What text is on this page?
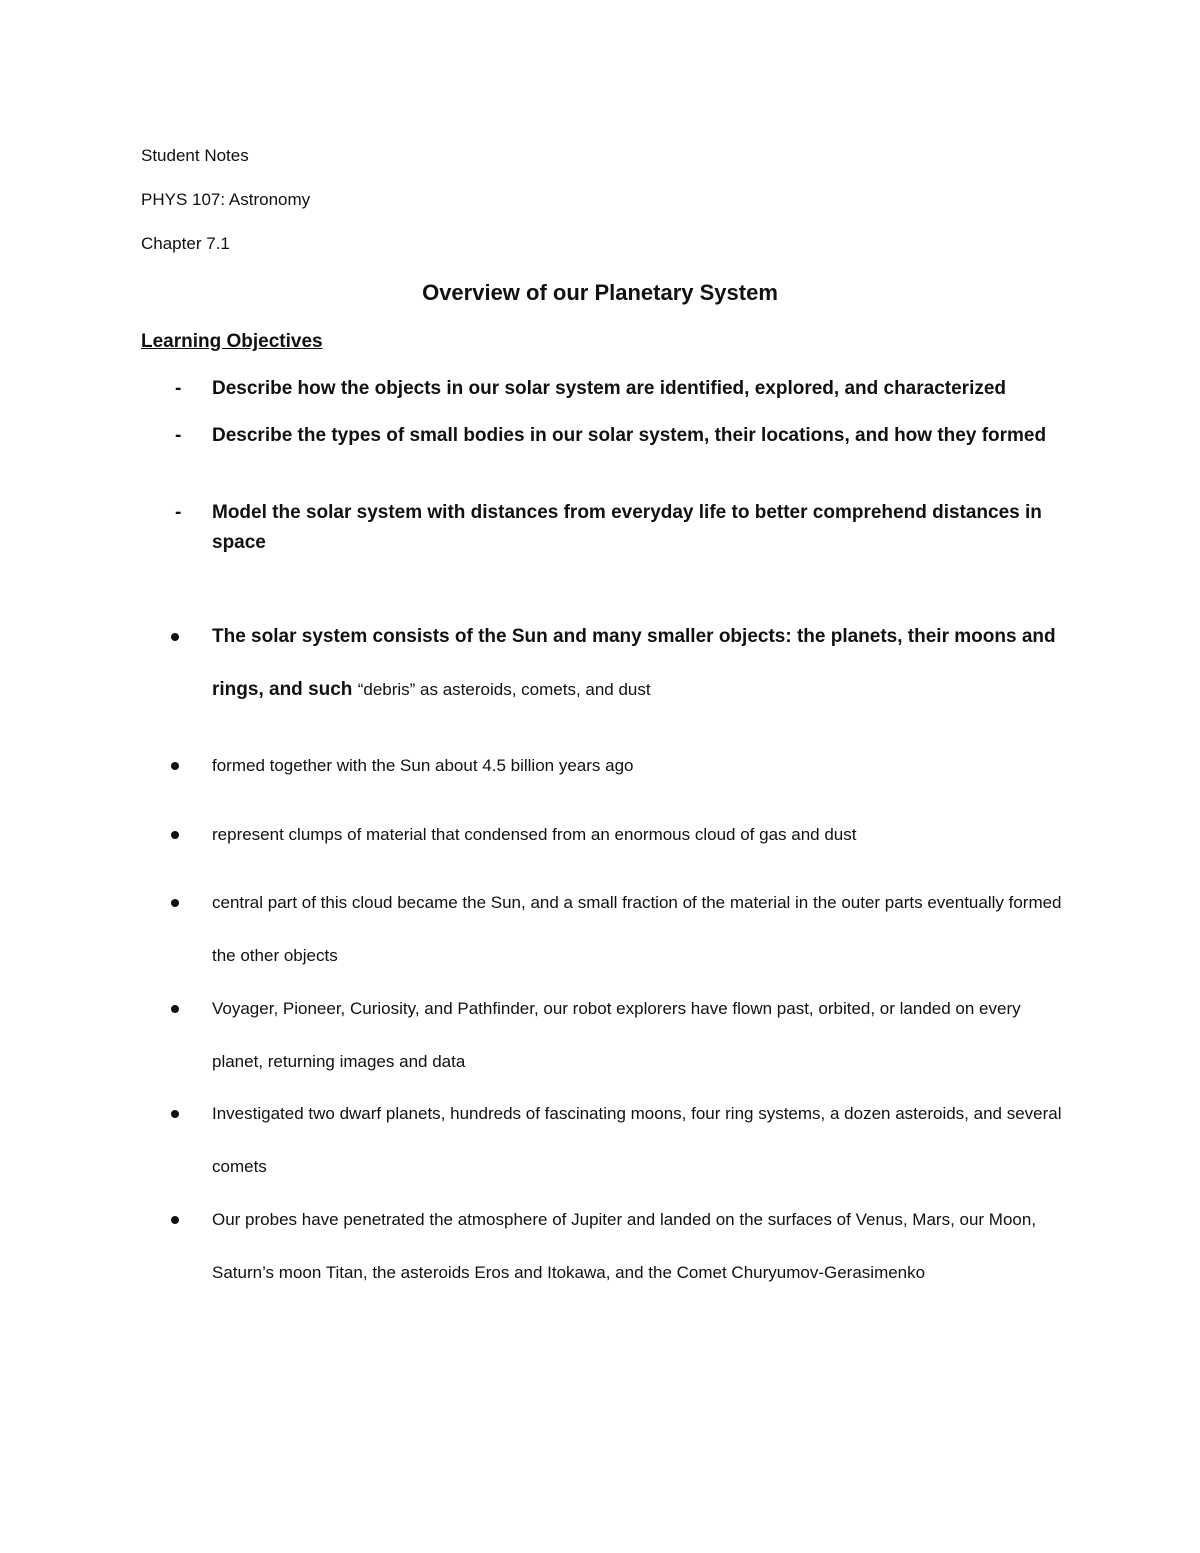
Student Notes
PHYS 107: Astronomy
Chapter 7.1
Overview of our Planetary System
Learning Objectives
- Describe how the objects in our solar system are identified, explored, and characterized
- Describe the types of small bodies in our solar system, their locations, and how they formed
- Model the solar system with distances from everyday life to better comprehend distances in space
The solar system consists of the Sun and many smaller objects: the planets, their moons and rings, and such “debris” as asteroids, comets, and dust
formed together with the Sun about 4.5 billion years ago
represent clumps of material that condensed from an enormous cloud of gas and dust
central part of this cloud became the Sun, and a small fraction of the material in the outer parts eventually formed the other objects
Voyager, Pioneer, Curiosity, and Pathfinder, our robot explorers have flown past, orbited, or landed on every planet, returning images and data
Investigated two dwarf planets, hundreds of fascinating moons, four ring systems, a dozen asteroids, and several comets
Our probes have penetrated the atmosphere of Jupiter and landed on the surfaces of Venus, Mars, our Moon, Saturn’s moon Titan, the asteroids Eros and Itokawa, and the Comet Churyumov-Gerasimenko
